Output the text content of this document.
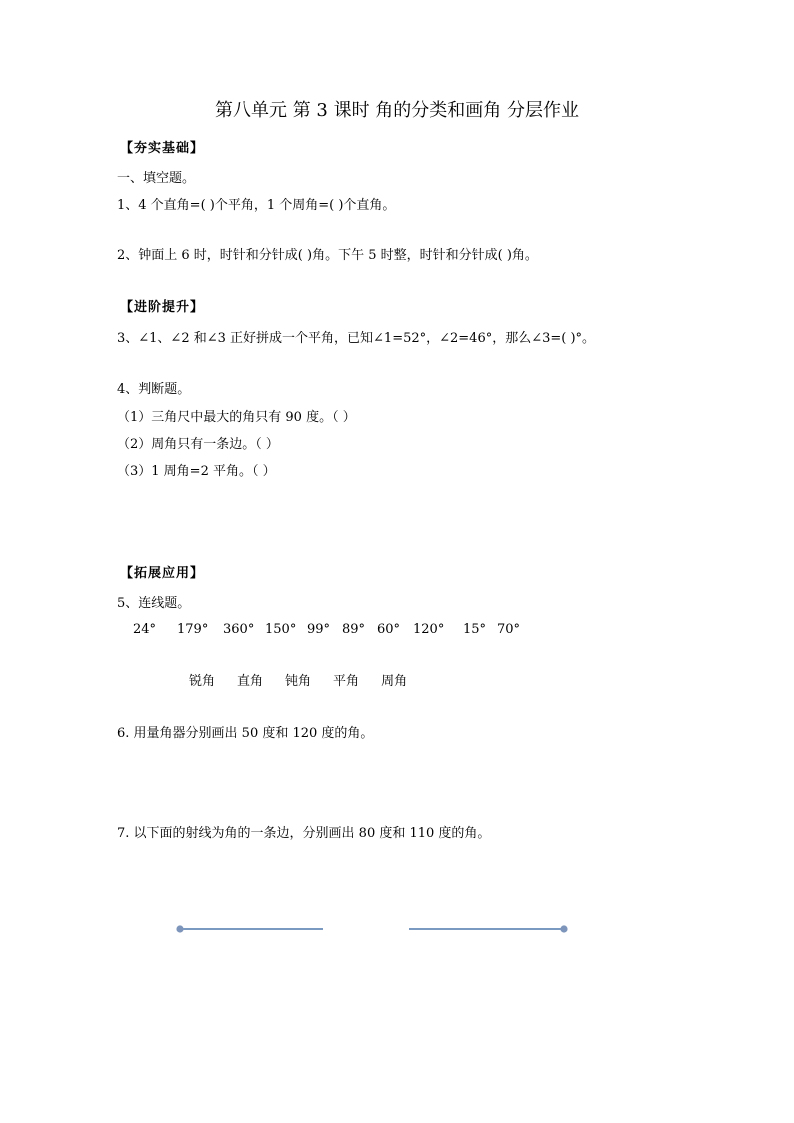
第八单元 第 3 课时 角的分类和画角 分层作业
【夯实基础】
一、填空题。
1、4 个直角=( )个平角，1 个周角=( )个直角。
2、钟面上 6 时，时针和分针成( )角。下午 5 时整，时针和分针成( )角。
【进阶提升】
3、∠1、∠2 和∠3 正好拼成一个平角，已知∠1=52°，∠2=46°，那么∠3=( )°。
4、判断题。
（1）三角尺中最大的角只有 90 度。（ ）
（2）周角只有一条边。（ ）
（3）1 周角=2 平角。（ ）
【拓展应用】
5、连线题。
24° 179° 360° 150° 99° 89° 60° 120° 15° 70°
锐角 直角 钝角 平角 周角
6. 用量角器分别画出 50 度和 120 度的角。
7. 以下面的射线为角的一条边，分别画出 80 度和 110 度的角。
